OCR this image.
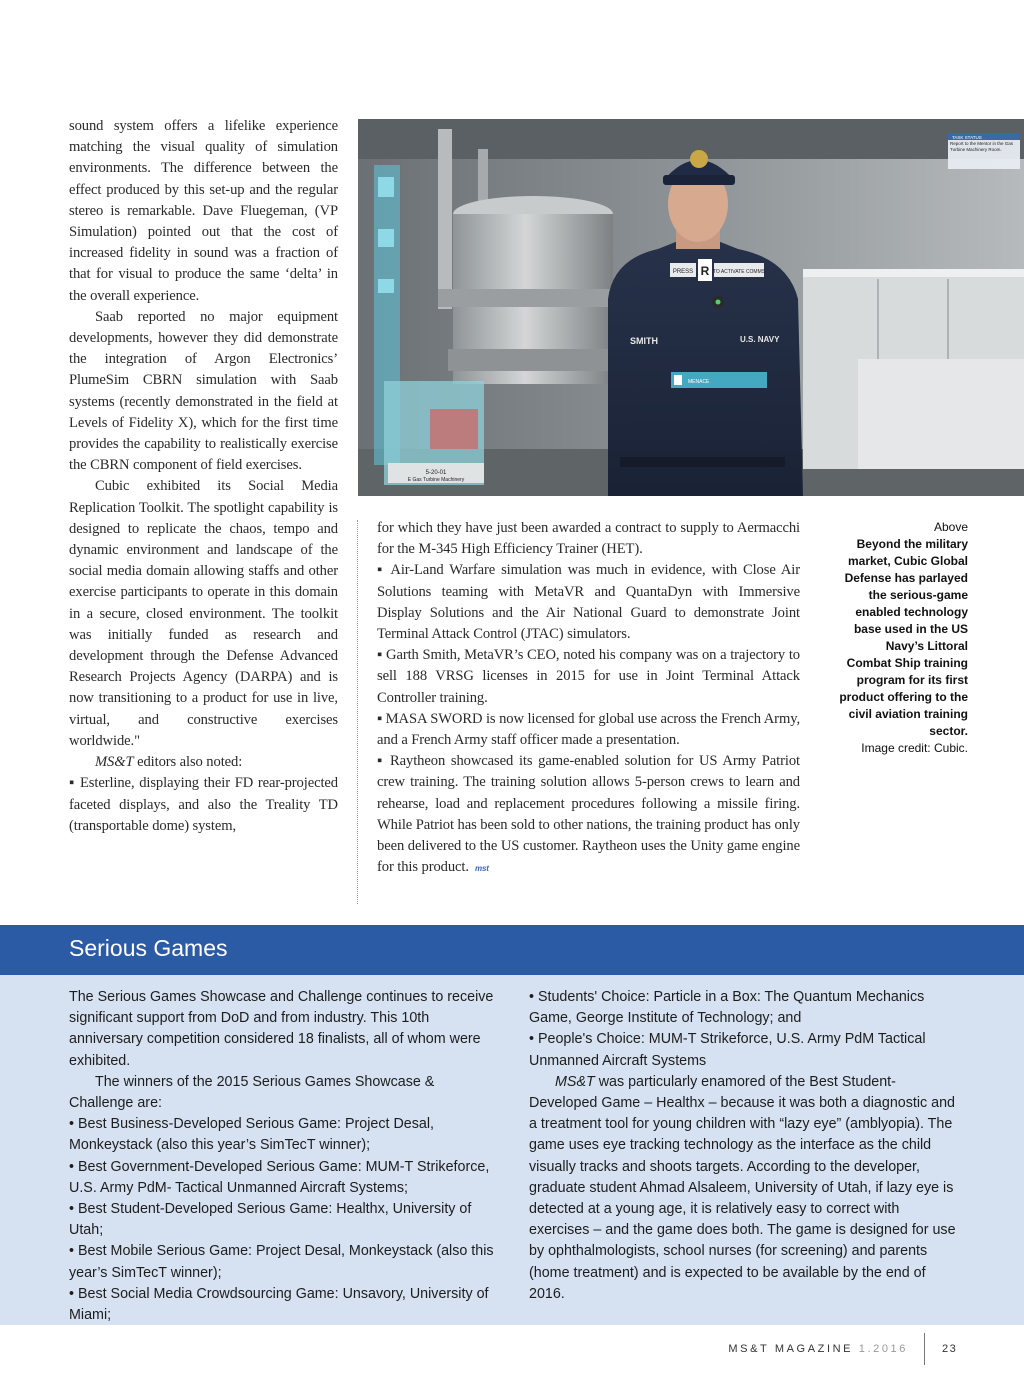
sound system offers a lifelike experience matching the visual quality of simulation environments. The difference between the effect produced by this set-up and the regular stereo is remarkable. Dave Fluegeman, (VP Simulation) pointed out that the cost of increased fidelity in sound was a fraction of that for visual to produce the same ‘delta’ in the overall experience.

Saab reported no major equipment developments, however they did demonstrate the integration of Argon Electronics’ PlumeSim CBRN simulation with Saab systems (recently demonstrated in the field at Levels of Fidelity X), which for the first time provides the capability to realistically exercise the CBRN component of field exercises.

Cubic exhibited its Social Media Replication Toolkit. The spotlight capability is designed to replicate the chaos, tempo and dynamic environment and landscape of the social media domain allowing staffs and other exercise participants to operate in this domain in a secure, closed environment. The toolkit was initially funded as research and development through the Defense Advanced Research Projects Agency (DARPA) and is now transitioning to a product for use in live, virtual, and constructive exercises worldwide."

MS&T editors also noted:

▪ Esterline, displaying their FD rear-projected faceted displays, and also the Treality TD (transportable dome) system,

5-20-01
E Gas Turbine Machinery
TASK STATUS
Report to the Mentor in the Gas Turbine Machinery Room.
PRESS R TO ACTIVATE COMMS
SMITH	U.S. NAVY
MENACE

for which they have just been awarded a contract to supply to Aermacchi for the M-345 High Efficiency Trainer (HET).

▪ Air-Land Warfare simulation was much in evidence, with Close Air Solutions teaming with MetaVR and QuantaDyn with Immersive Display Solutions and the Air National Guard to demonstrate Joint Terminal Attack Control (JTAC) simulators.

▪ Garth Smith, MetaVR’s CEO, noted his company was on a trajectory to sell 188 VRSG licenses in 2015 for use in Joint Terminal Attack Controller training.

▪ MASA SWORD is now licensed for global use across the French Army, and a French Army staff officer made a presentation.

▪ Raytheon showcased its game-enabled solution for US Army Patriot crew training. The training solution allows 5-person crews to learn and rehearse, load and replacement procedures following a missile firing. While Patriot has been sold to other nations, the training product has only been delivered to the US customer. Raytheon uses the Unity game engine for this product. mst

Above
Beyond the military market, Cubic Global Defense has parlayed the serious-game enabled technology base used in the US Navy’s Littoral Combat Ship training program for its first product offering to the civil aviation training sector.
Image credit: Cubic.
Serious Games

The Serious Games Showcase and Challenge continues to receive significant support from DoD and from industry. This 10th anniversary competition considered 18 finalists, all of whom were exhibited.

The winners of the 2015 Serious Games Showcase & Challenge are:

• Best Business-Developed Serious Game: Project Desal, Monkeystack (also this year’s SimTecT winner);

• Best Government-Developed Serious Game: MUM-T Strikeforce, U.S. Army PdM- Tactical Unmanned Aircraft Systems;

• Best Student-Developed Serious Game: Healthx, University of Utah;

• Best Mobile Serious Game: Project Desal, Monkeystack (also this year’s SimTecT winner);

• Best Social Media Crowdsourcing Game: Unsavory, University of Miami;

• Students' Choice: Particle in a Box: The Quantum Mechanics Game, George Institute of Technology; and

• People's Choice: MUM-T Strikeforce, U.S. Army PdM Tactical Unmanned Aircraft Systems

MS&T was particularly enamored of the Best Student-Developed Game – Healthx – because it was both a diagnostic and a treatment tool for young children with “lazy eye” (amblyopia). The game uses eye tracking technology as the interface as the child visually tracks and shoots targets. According to the developer, graduate student Ahmad Alsaleem, University of Utah, if lazy eye is detected at a young age, it is relatively easy to correct with exercises – and the game does both. The game is designed for use by ophthalmologists, school nurses (for screening) and parents (home treatment) and is expected to be available by the end of 2016.

MS&T MAGAZINE 1.2016	23
